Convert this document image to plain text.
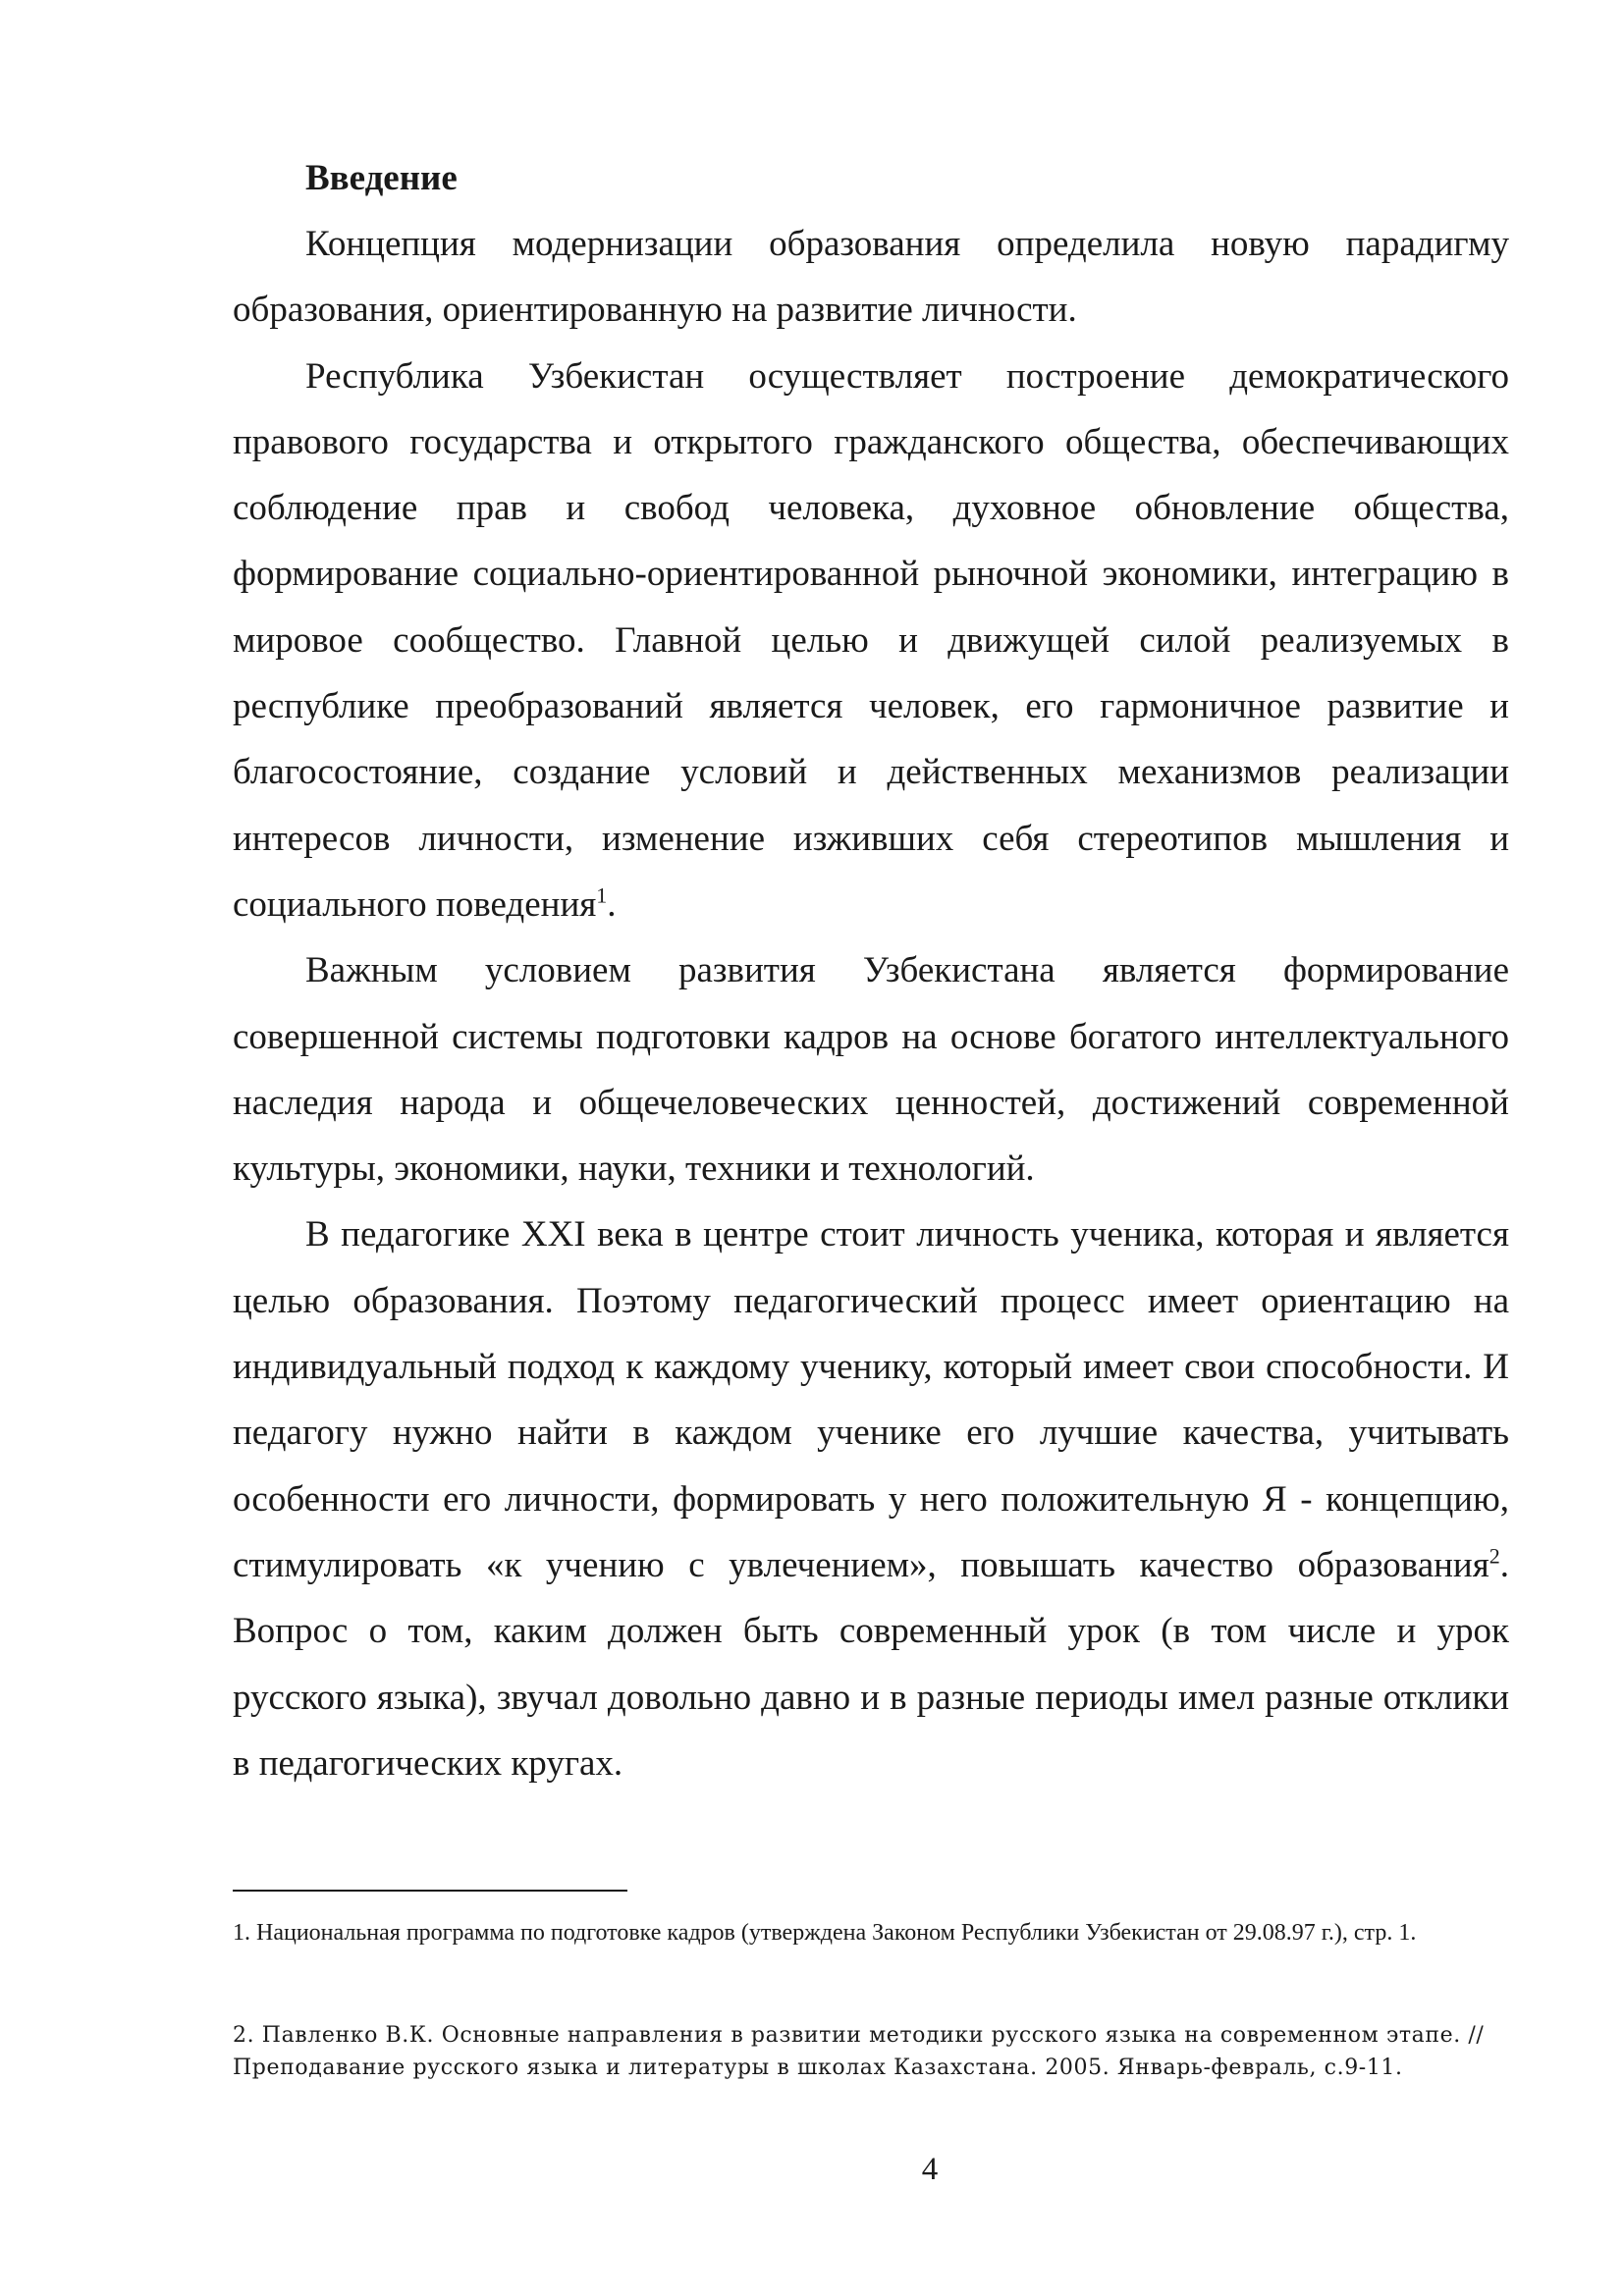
Введение

Концепция модернизации образования определила новую парадигму образования, ориентированную на развитие личности.

Республика Узбекистан осуществляет построение демократического правового государства и открытого гражданского общества, обеспечивающих соблюдение прав и свобод человека, духовное обновление общества, формирование социально-ориентированной рыночной экономики, интеграцию в мировое сообщество. Главной целью и движущей силой реализуемых в республике преобразований является человек, его гармоничное развитие и благосостояние, создание условий и действенных механизмов реализации интересов личности, изменение изживших себя стереотипов мышления и социального поведения$^1$.

Важным условием развития Узбекистана является формирование совершенной системы подготовки кадров на основе богатого интеллектуального наследия народа и общечеловеческих ценностей, достижений современной культуры, экономики, науки, техники и технологий.

В педагогике XXI века в центре стоит личность ученика, которая и является целью образования. Поэтому педагогический процесс имеет ориентацию на индивидуальный подход к каждому ученику, который имеет свои способности. И педагогу нужно найти в каждом ученике его лучшие качества, учитывать особенности его личности, формировать у него положительную Я - концепцию, стимулировать «к учению с увлечением», повышать качество образования$^2$. Вопрос о том, каким должен быть современный урок (в том числе и урок русского языка), звучал довольно давно и в разные периоды имел разные отклики в педагогических кругах.

1. Национальная программа по подготовке кадров (утверждена Законом Республики Узбекистан от 29.08.97 г.), стр. 1.

2. Павленко В.К. Основные направления в развитии методики русского языка на современном этапе. // Преподавание русского языка и литературы в школах Казахстана. 2005. Январь-февраль, с.9-11.

4
